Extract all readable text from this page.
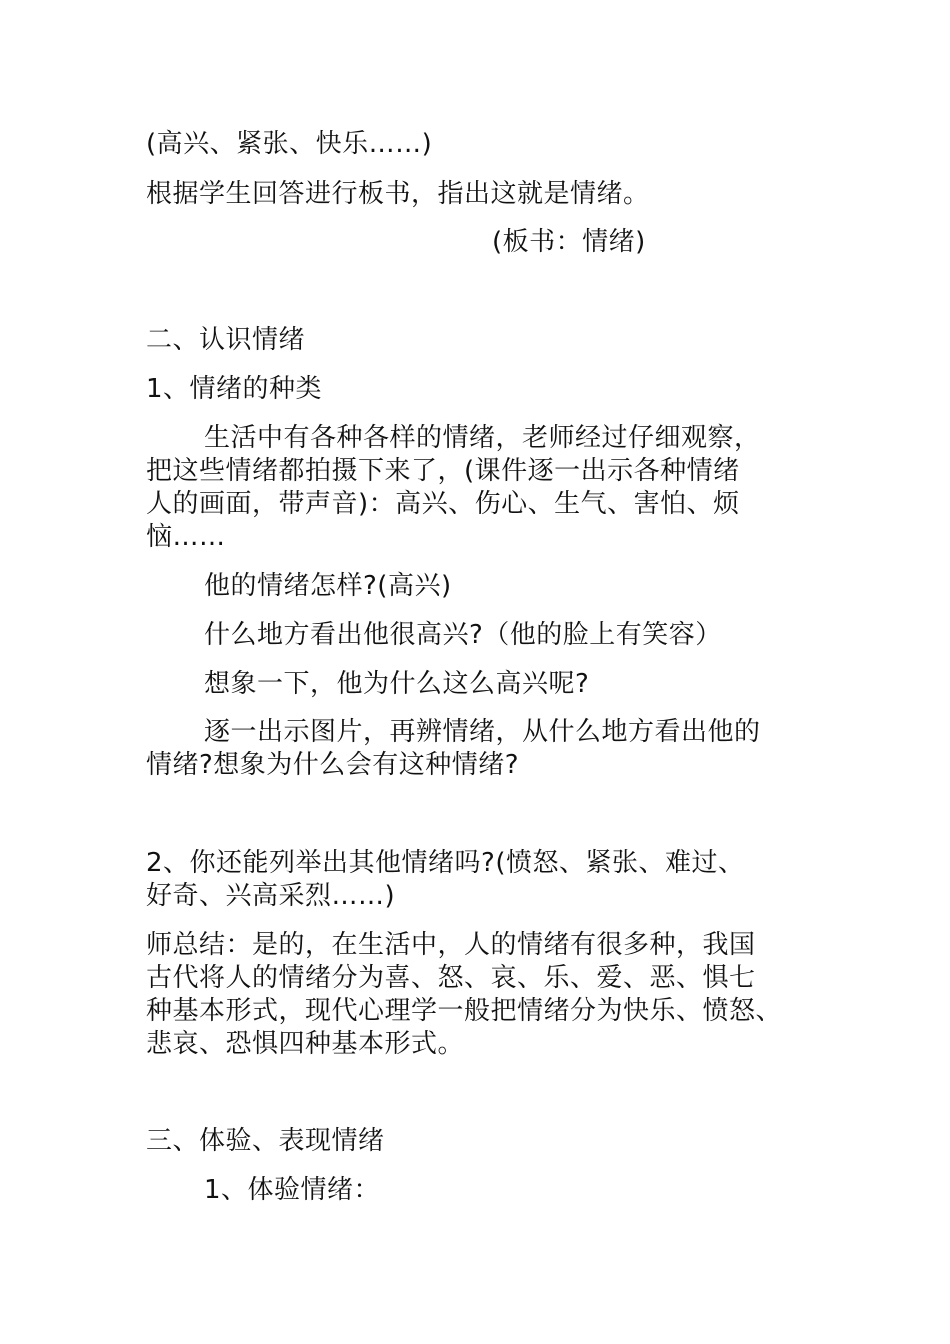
(高兴、紧张、快乐……)
根据学生回答进行板书，指出这就是情绪。
(板书：情绪)
二、认识情绪
1、情绪的种类
生活中有各种各样的情绪，老师经过仔细观察，
把这些情绪都拍摄下来了，(课件逐一出示各种情绪
人的画面，带声音)：高兴、伤心、生气、害怕、烦
恼……
他的情绪怎样?(高兴)
什么地方看出他很高兴?（他的脸上有笑容）
想象一下，他为什么这么高兴呢?
逐一出示图片，再辨情绪，从什么地方看出他的
情绪?想象为什么会有这种情绪?
2、你还能列举出其他情绪吗?(愤怒、紧张、难过、
好奇、兴高采烈……)
师总结：是的，在生活中，人的情绪有很多种，我国
古代将人的情绪分为喜、怒、哀、乐、爱、恶、惧七
种基本形式，现代心理学一般把情绪分为快乐、愤怒、
悲哀、恐惧四种基本形式。
三、体验、表现情绪
1、体验情绪：
